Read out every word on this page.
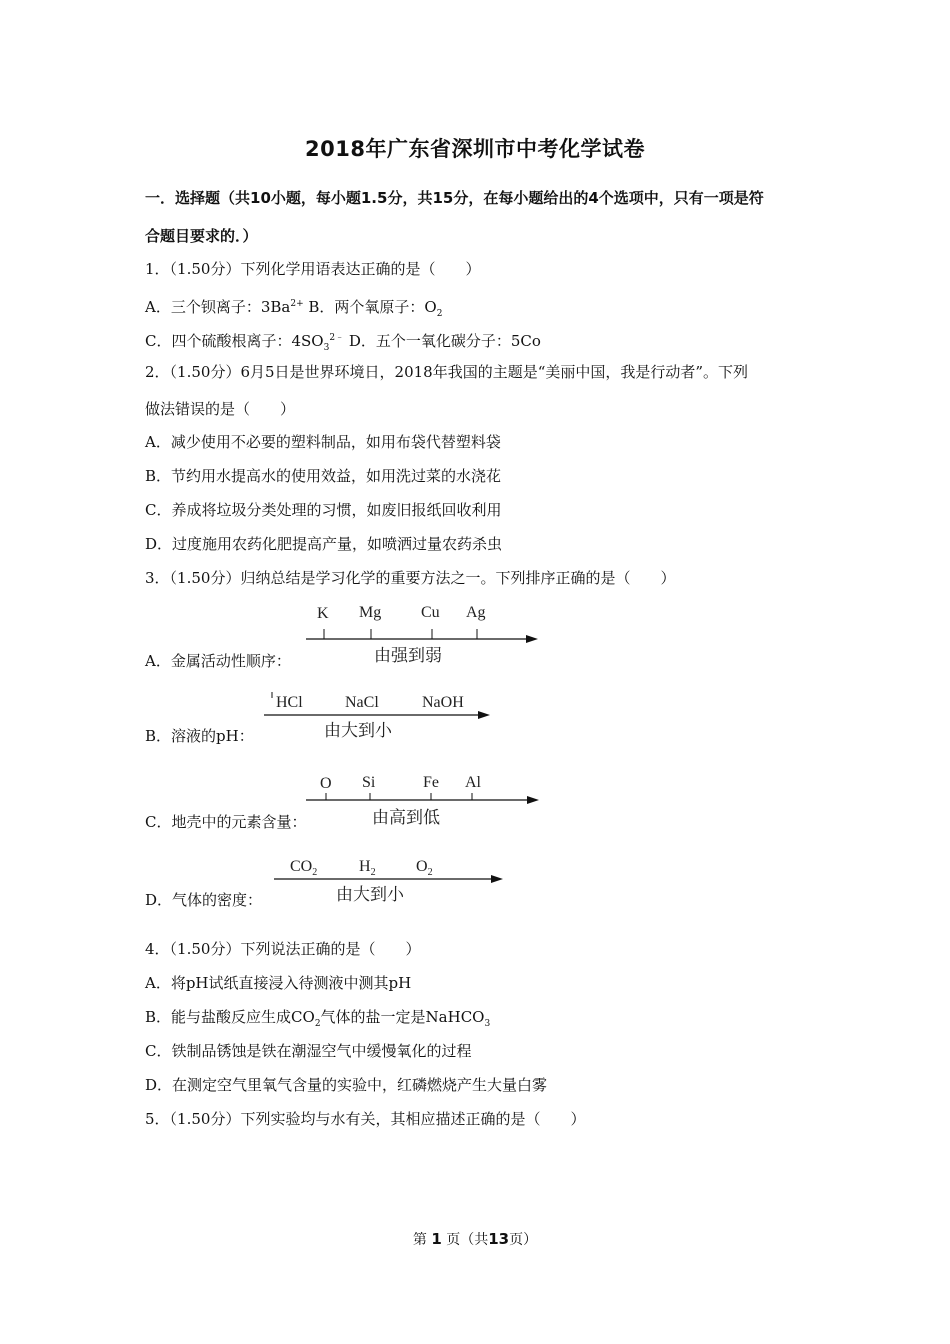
2018年广东省深圳市中考化学试卷
一．选择题（共10小题，每小题1.5分，共15分，在每小题给出的4个选项中，只有一项是符
合题目要求的．）
1．（1.50分）下列化学用语表达正确的是（　　）
A．三个钡离子：$3Ba^{2+}$ B．两个氧原子：$O_2$
C．四个硫酸根离子：$4SO_3^{2﹣}$ D．五个一氧化碳分子：5Co
2．（1.50分）6月5日是世界环境日，2018年我国的主题是“美丽中国，我是行动者”。下列
做法错误的是（　　）
A．减少使用不必要的塑料制品，如用布袋代替塑料袋
B．节约用水提高水的使用效益，如用洗过菜的水浇花
C．养成将垃圾分类处理的习惯，如废旧报纸回收利用
D．过度施用农药化肥提高产量，如喷洒过量农药杀虫
3．（1.50分）归纳总结是学习化学的重要方法之一。下列排序正确的是（　　）
A．金属活动性顺序：
K Mg Cu Ag
由强到弱
B．溶液的pH：
HCl	NaCl	NaOH
由大到小
C．地壳中的元素含量：
O Si	Fe Al
由高到低
D．气体的密度：
$CO_2$	$H_2$	$O_2$
由大到小
4．（1.50分）下列说法正确的是（　　）
A．将pH试纸直接浸入待测液中测其pH
B．能与盐酸反应生成$CO_2$气体的盐一定是NaHCO$_3$
C．铁制品锈蚀是铁在潮湿空气中缓慢氧化的过程
D．在测定空气里氧气含量的实验中，红磷燃烧产生大量白雾
5．（1.50分）下列实验均与水有关，其相应描述正确的是（　　）
第 1 页（共13页）
